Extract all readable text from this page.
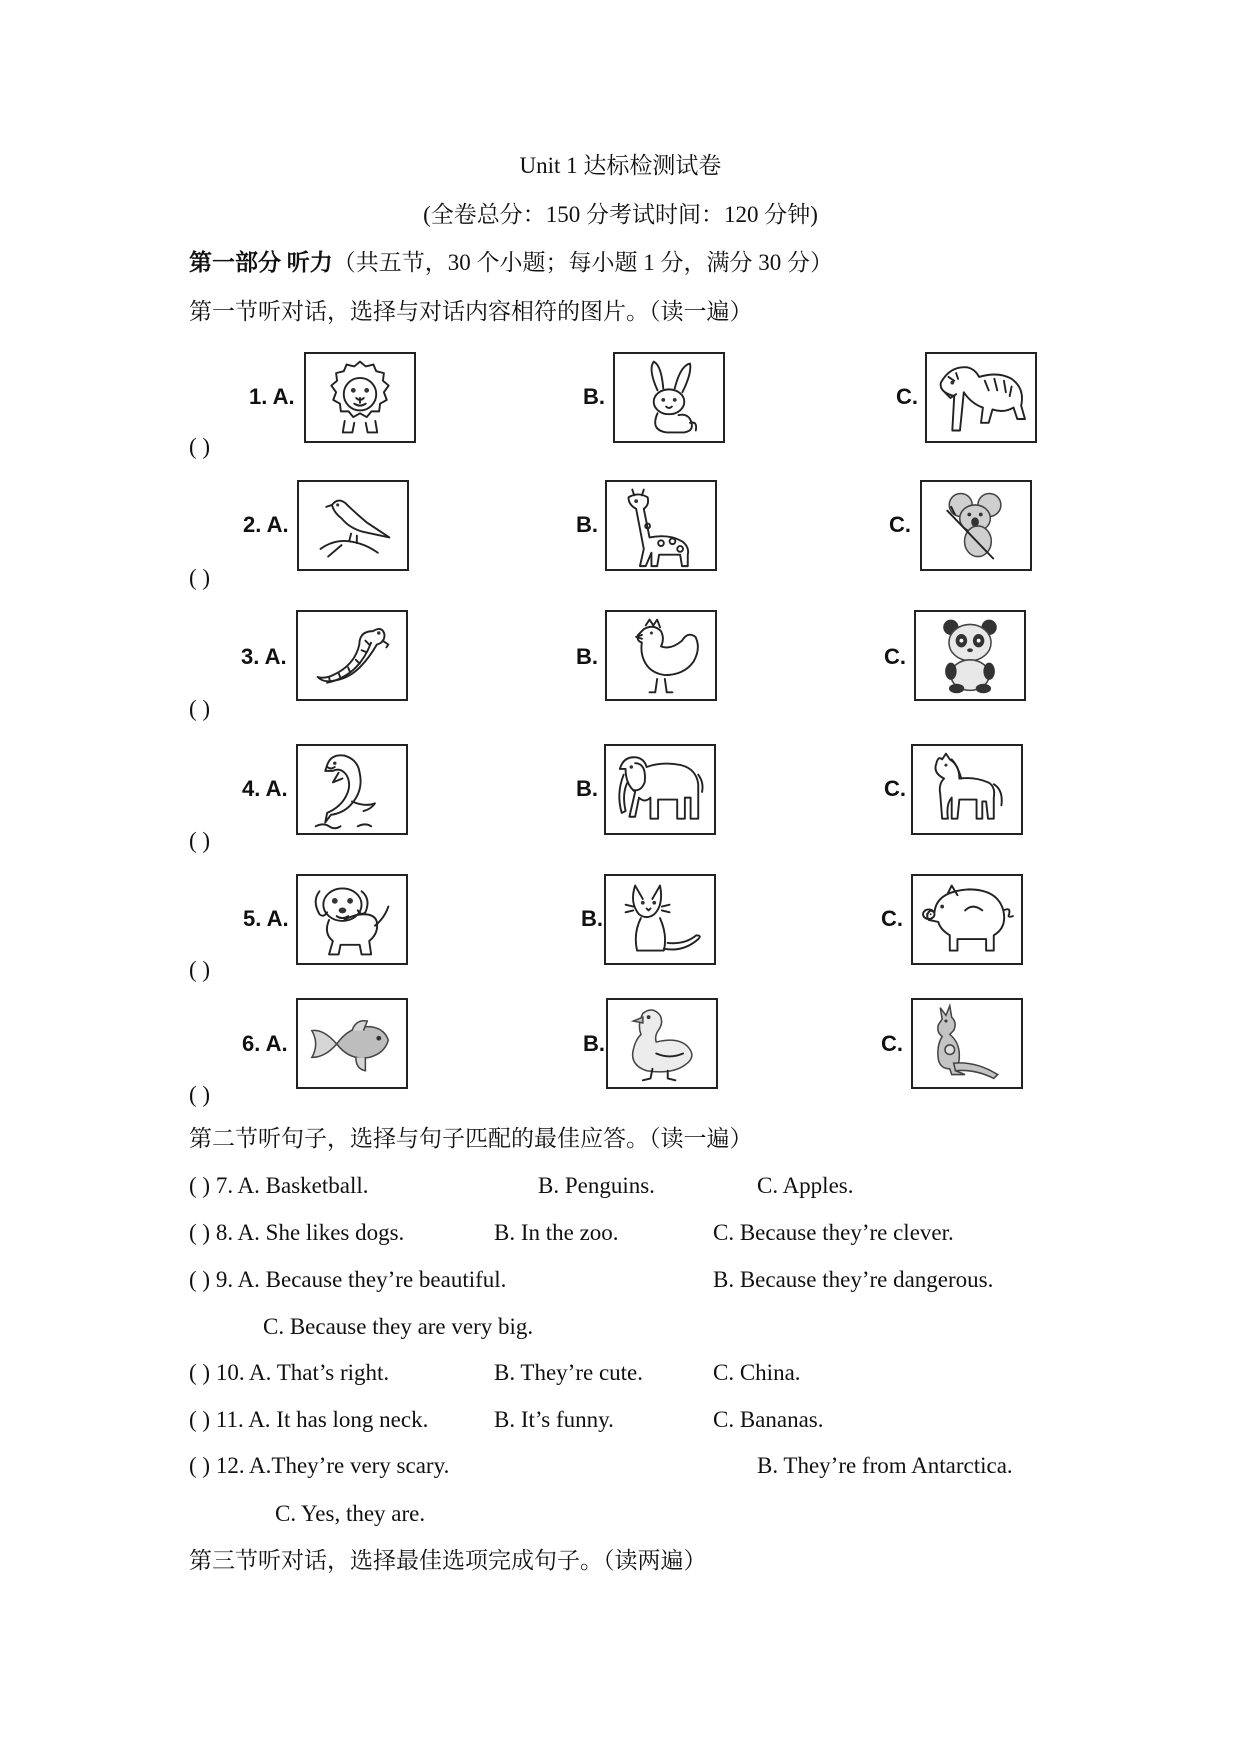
Unit 1 达标检测试卷
(全卷总分：150 分考试时间：120 分钟)
第一部分 听力（共五节，30 个小题；每小题 1 分，满分 30 分）
第一节听对话，选择与对话内容相符的图片。（读一遍）
1. A.	B.	C.
( )
2. A.	B.	C.
( )
3. A.	B.	C.
( )
4. A.	B.	C.
( )
5. A.	B.	C.
( )
6. A.	B.	C.
( )
第二节听句子，选择与句子匹配的最佳应答。（读一遍）
( ) 7. A. Basketball.	B. Penguins.	C. Apples.
( ) 8. A. She likes dogs.	B. In the zoo.	C. Because they’re clever.
( ) 9. A. Because they’re beautiful.	B. Because they’re dangerous.
C. Because they are very big.
( ) 10. A. That’s right.	B. They’re cute.	C. China.
( ) 11. A. It has long neck.	B. It’s funny.	C. Bananas.
( ) 12. A.They’re very scary.	B. They’re from Antarctica.
C. Yes, they are.
第三节听对话，选择最佳选项完成句子。（读两遍）
